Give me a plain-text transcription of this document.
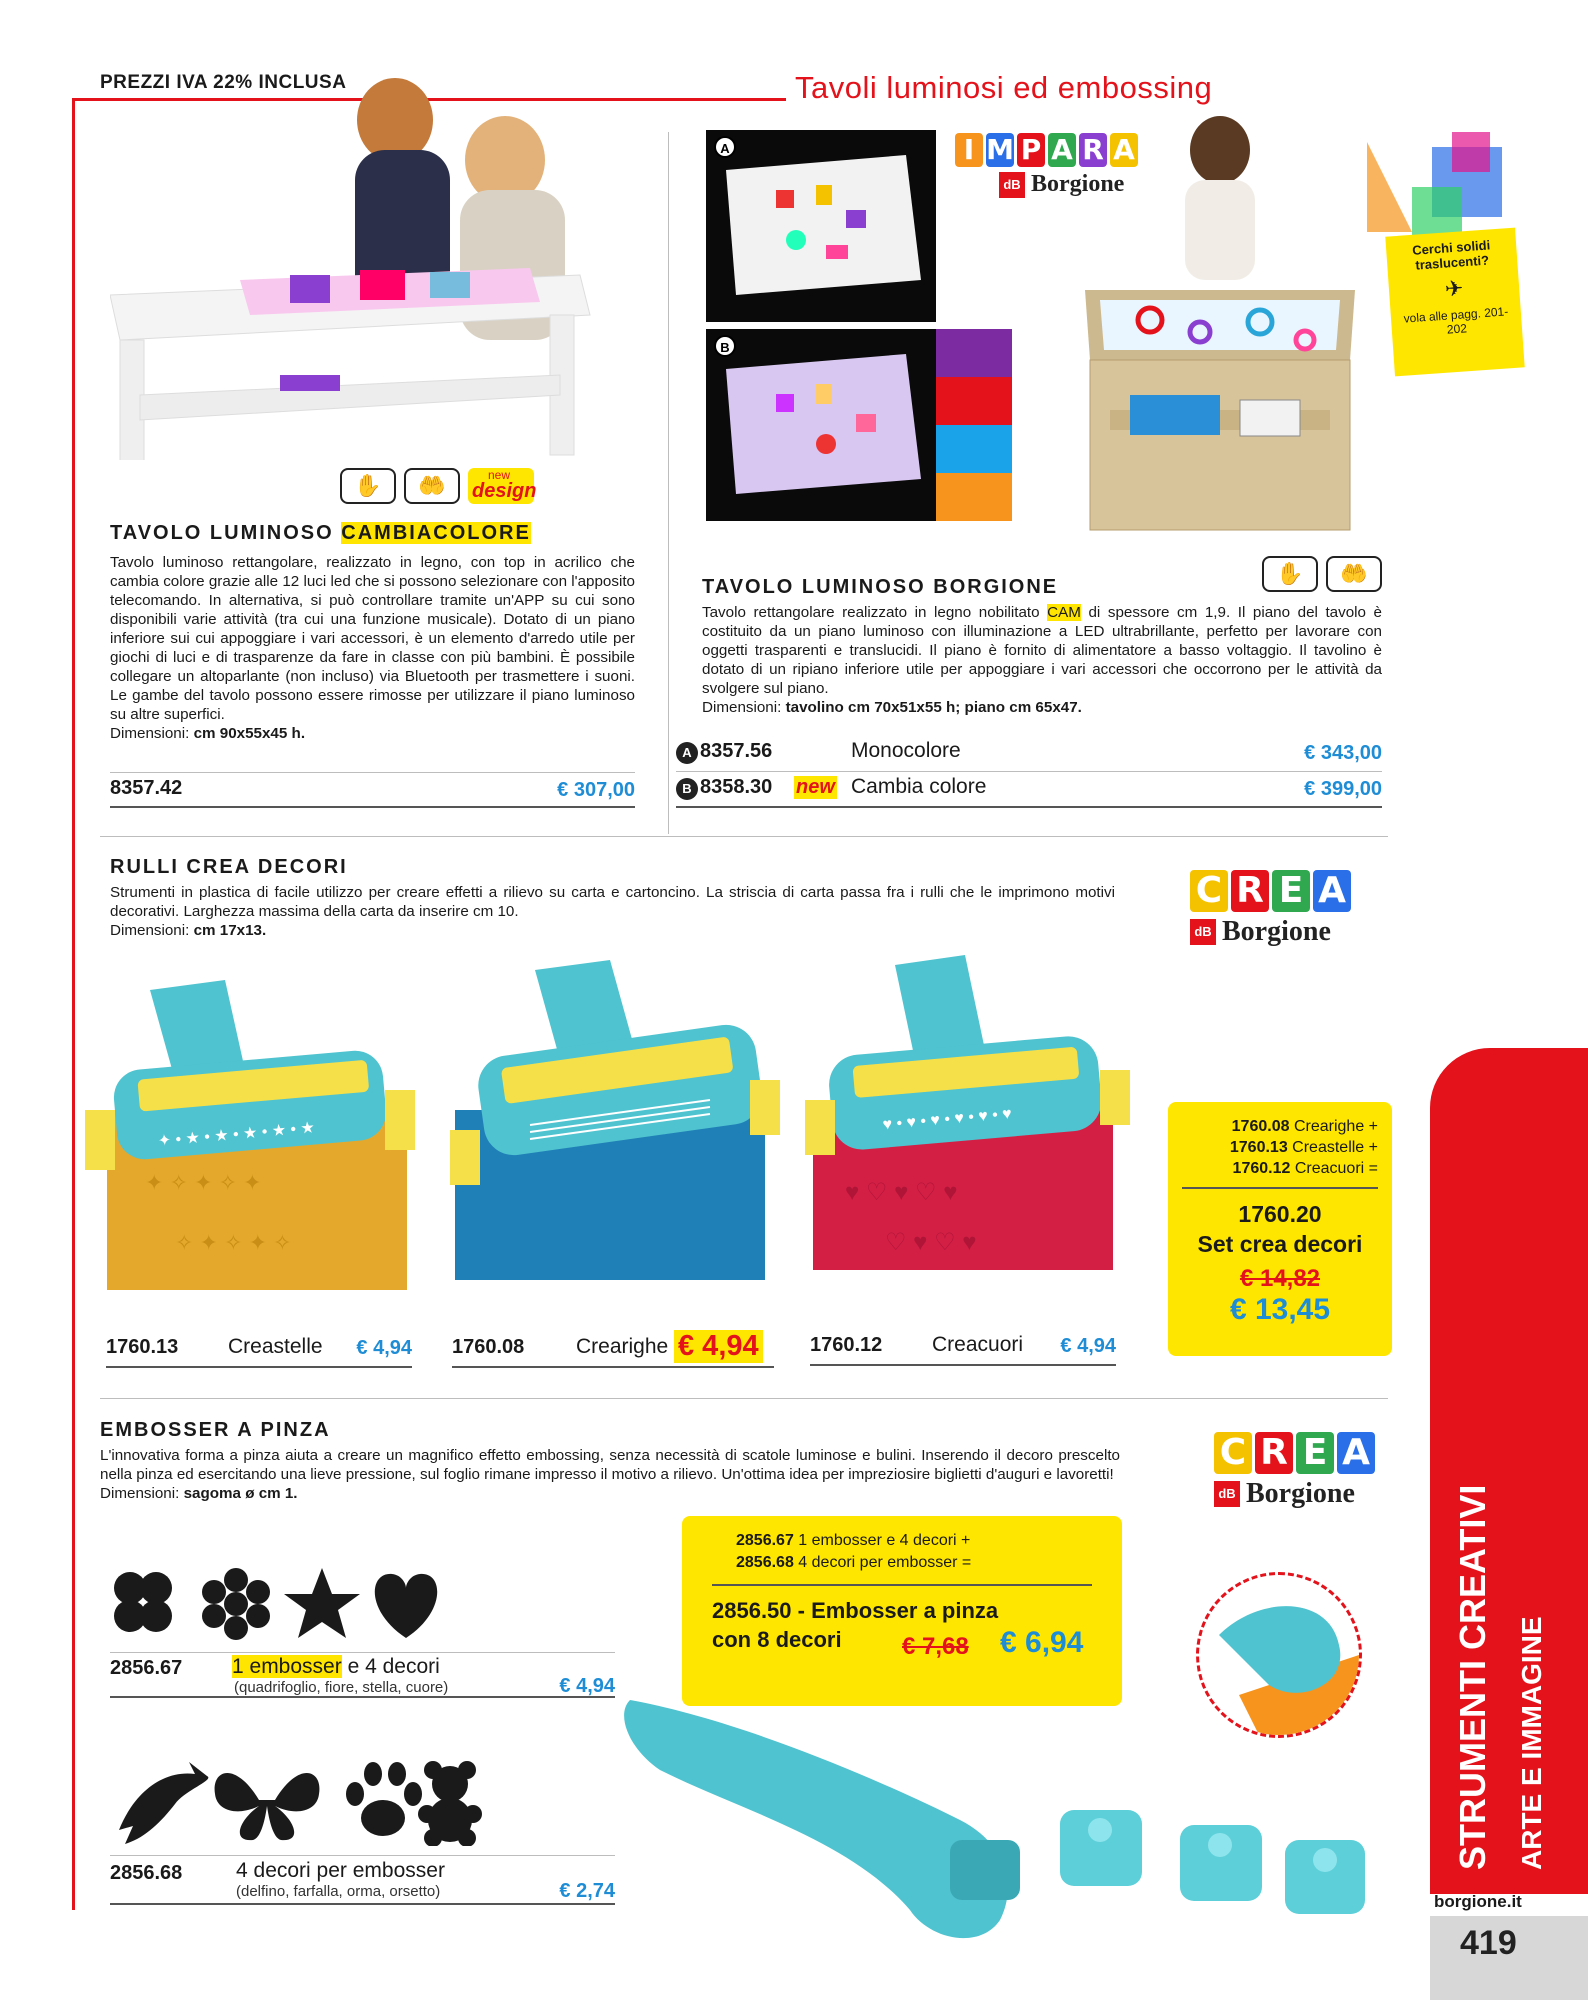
PREZZI IVA 22% INCLUSA	Tavoli luminosi ed embossing
✋	🤲	new
design
TAVOLO LUMINOSO CAMBIACOLORE
Tavolo luminoso rettangolare, realizzato in legno, con top in acrilico che cambia colore grazie alle 12 luci led che si possono selezionare con l'apposito telecomando. In alternativa, si può controllare tramite un'APP su cui sono disponibili varie attività (tra cui una funzione musicale). Dotato di un piano inferiore sui cui appoggiare i vari accessori, è un elemento d'arredo utile per giochi di luci e di trasparenze da fare in classe con più bambini. È possibile collegare un altoparlante (non incluso) via Bluetooth per trasmettere i suoni. Le gambe del tavolo possono essere rimosse per utilizzare il piano luminoso su altre superfici.
Dimensioni: cm 90x55x45 h.
8357.42	€ 307,00
A
B
I M P A R A
dB Borgione
Cerchi solidi traslucenti?
✈
vola alle pagg. 201-202
✋	🤲
TAVOLO LUMINOSO BORGIONE
Tavolo rettangolare realizzato in legno nobilitato CAM di spessore cm 1,9. Il piano del tavolo è costituito da un piano luminoso con illuminazione a LED ultrabrillante, perfetto per lavorare con oggetti trasparenti e translucidi. Il piano è fornito di alimentatore a basso voltaggio. Il tavolino è dotato di un ripiano inferiore utile per appoggiare i vari accessori che occorrono per le attività da svolgere sul piano.
Dimensioni: tavolino cm 70x51x55 h; piano cm 65x47.
A 8357.56	Monocolore	€ 343,00
B 8358.30 new Cambia colore	€ 399,00
RULLI CREA DECORI
Strumenti in plastica di facile utilizzo per creare effetti a rilievo su carta e cartoncino. La striscia di carta passa fra i rulli che le imprimono motivi decorativi. Larghezza massima della carta da inserire cm 10.
Dimensioni: cm 17x13.
C R E A
dB Borgione
✦ ✧ ✦ ✧ ✦
✧ ✦ ✧ ✦ ✧
✦ • ★ • ★ • ★ • ★ • ★
♥ ♡ ♥ ♡ ♥
♡ ♥ ♡ ♥
♥ • ♥ • ♥ • ♥ • ♥ • ♥
1760.13 Creastelle	€ 4,94 1760.08 Crearighe € 4,94	1760.12 Creacuori	€ 4,94
1760.08 Crearighe +
1760.13 Creastelle +
1760.12 Creacuori =
1760.20
Set crea decori
€ 14,82
€ 13,45
EMBOSSER A PINZA
L'innovativa forma a pinza aiuta a creare un magnifico effetto embossing, senza necessità di scatole luminose e bulini. Inserendo il decoro prescelto nella pinza ed esercitando una lieve pressione, sul foglio rimane impresso il motivo a rilievo. Un'ottima idea per impreziosire biglietti d'auguri e lavoretti!
Dimensioni: sagoma ø cm 1.
C R E A
dB Borgione
2856.67 1 embosser e 4 decori
(quadrifoglio, fiore, stella, cuore)	€ 4,94
2856.68	4 decori per embosser
(delfino, farfalla, orma, orsetto)	€ 2,74
2856.67 1 embosser e 4 decori +
2856.68 4 decori per embosser =
2856.50 - Embosser a pinza
con 8 decori	€ 7,68 € 6,94	STRUMENTI CREATIVI ARTE E IMMAGINE
borgione.it
419
